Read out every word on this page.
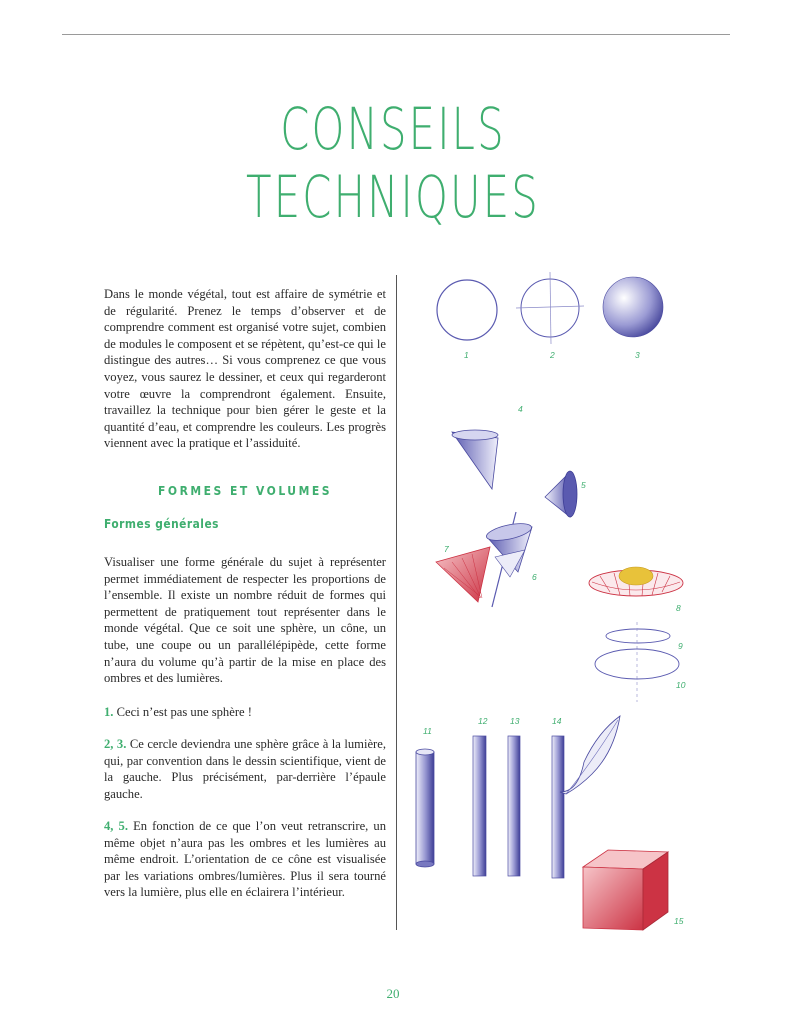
CONSEILS
TECHNIQUES

Dans le monde végétal, tout est affaire de symétrie et de régularité. Prenez le temps d’observer et de comprendre comment est organisé votre sujet, combien de modules le composent et se répètent, qu’est-ce qui le distingue des autres… Si vous comprenez ce que vous voyez, vous saurez le dessiner, et ceux qui regarderont votre œuvre la comprendront également. Ensuite, travaillez la technique pour bien gérer le geste et la quantité d’eau, et comprendre les couleurs. Les progrès viennent avec la pratique et l’assiduité.

FORMES ET VOLUMES
Formes générales

Visualiser une forme générale du sujet à représenter permet immédiatement de respecter les proportions de l’ensemble. Il existe un nombre réduit de formes qui permettent de pratiquement tout représenter dans le monde végétal. Que ce soit une sphère, un cône, un tube, une coupe ou un parallélépipède, cette forme n’aura du volume qu’à partir de la mise en place des ombres et des lumières.

1. Ceci n’est pas une sphère !

2, 3. Ce cercle deviendra une sphère grâce à la lumière, qui, par convention dans le dessin scientifique, vient de la gauche. Plus précisément, par-derrière l’épaule gauche.

4, 5. En fonction de ce que l’on veut retranscrire, un même objet n’aura pas les ombres et les lumières au même endroit. L’orientation de ce cône est visualisée par les variations ombres/lumières. Plus il sera tourné vers la lumière, plus elle en éclairera l’intérieur.

1	2	3
4
5
6
7
8
9
10
11
12	13	14
15
20
